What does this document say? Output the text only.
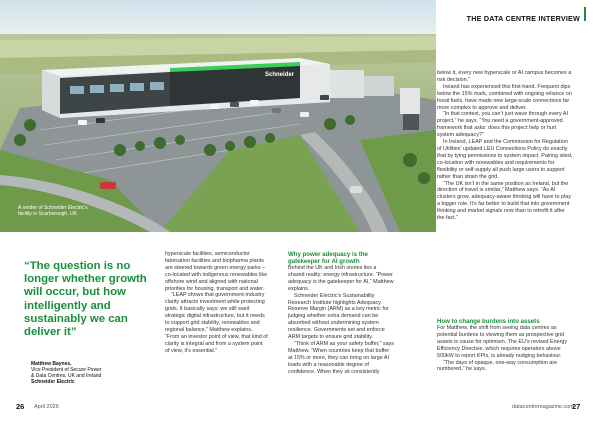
Schneider
A render of Schneider Electric's facility in Scarborough, UK
THE DATA CENTRE INTERVIEW
“The question is no longer whether growth will occur, but how intelligently and sustainably we can deliver it”
Matthew Baynes,
Vice President of Secure Power
& Data Centres, UK and Ireland
Schneider Electric

hyperscale facilities, semiconductor fabrication facilities and biopharma plants are steered towards green energy parks – co-located with indigenous renewables like offshore wind and aligned with national priorities for housing, transport and water.

“LEAP shows that government-industry clarity attracts investment while protecting grids. It basically says: we still want strategic digital infrastructure, but it needs to support grid stability, renewables and regional balance,” Matthew explains. “From an investor point of view, that kind of clarity is integral and from a system point of view, it’s essential.”

Why power adequacy is the gatekeeper for AI growth

Behind the UK and Irish stories lies a shared reality: energy infrastructure. “Power adequacy is the gatekeeper for AI,” Matthew explains.

Schneider Electric’s Sustainability Research Institute highlights Adequacy Reserve Margin (ARM) as a key metric for judging whether extra demand can be absorbed without undermining system resilience. Governments set and enforce ARM targets to ensure grid stability.

“Think of ARM as your safety buffer,” says Matthew. “When countries keep that buffer at 15% or more, they can bring on large AI loads with a reasonable degree of confidence. When they sit consistently

below it, every new hyperscale or AI campus becomes a risk decision.”

Ireland has experienced this first-hand. Frequent dips below the 15% mark, combined with ongoing reliance on fossil fuels, have made new large-scale connections far more complex to approve and deliver.

“In that context, you can’t just wave through every AI project,” he says. “You need a government-approved framework that asks: does this project help or hurt system adequacy?”

In Ireland, LEAP and the Commission for Regulation of Utilities’ updated LEU Connections Policy do exactly that by tying permissions to system impact. Pairing sited, co-location with renewables and requirements for flexibility or self-supply all push large users to support rather than strain the grid.

“The UK isn’t in the same position as Ireland, but the direction of travel is similar,” Matthew says. “As AI clusters grow, adequacy-aware thinking will have to play a bigger role. It’s far better to build that into government thinking and market signals now than to retrofit it after the fact.”

How to change burdens into assets

For Matthew, the shift from seeing data centres as potential burdens to viewing them as prospective grid assets is cause for optimism. The EU’s revised Energy Efficiency Directive, which requires operators above 500kW to report KPIs, is already nudging behaviour.

“The days of opaque, one-way consumption are numbered,” he says.

26 April 2026	datacentremagazine.com
27
